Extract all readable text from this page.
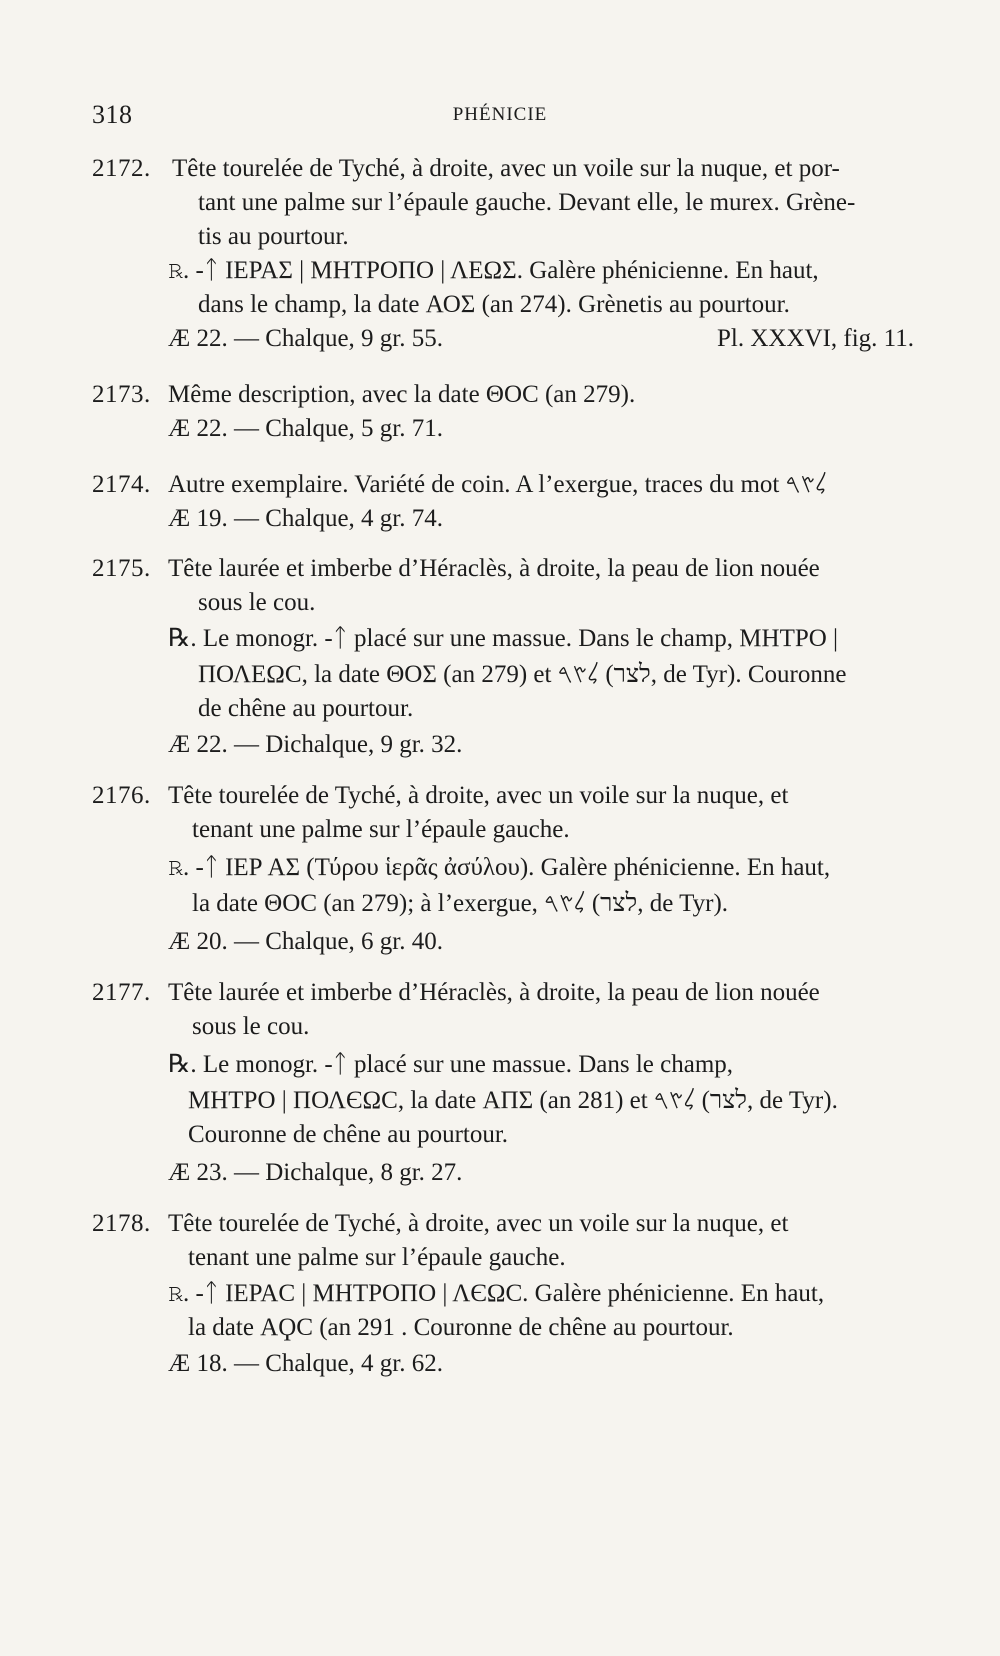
318	PHÉNICIE
2172. Tête tourelée de Tyché, à droite, avec un voile sur la nuque, et por-
tant une palme sur l’épaule gauche. Devant elle, le murex. Grène-
tis au pourtour.
℞. -ᛏ ΙΕΡΑΣ | ΜΗΤΡΟΠΟ | ΛΕΩΣ. Galère phénicienne. En haut,
dans le champ, la date ΑΟΣ (an 274). Grènetis au pourtour.
Æ 22. — Chalque, 9 gr. 55.	Pl. XXXVI, fig. 11.
2173. Même description, avec la date ΘΟϹ (an 279).
Æ 22. — Chalque, 5 gr. 71.
2174. Autre exemplaire. Variété de coin. A l’exergue, traces du mot 𐤋𐤑𐤓
Æ 19. — Chalque, 4 gr. 74.
2175. Tête laurée et imberbe d’Héraclès, à droite, la peau de lion nouée
sous le cou.
℞. Le monogr. -ᛏ placé sur une massue. Dans le champ, ΜΗΤΡΟ |
ΠΟΛΕΩϹ, la date ΘΟΣ (an 279) et 𐤋𐤑𐤓 (לצר, de Tyr). Couronne
de chêne au pourtour.
Æ 22. — Dichalque, 9 gr. 32.
2176. Tête tourelée de Tyché, à droite, avec un voile sur la nuque, et
tenant une palme sur l’épaule gauche.
℞. -ᛏ ΙΕΡ ΑΣ (Τύρου ἱερᾶς ἀσύλου). Galère phénicienne. En haut,
la date ΘΟϹ (an 279); à l’exergue, 𐤋𐤑𐤓 (לצר, de Tyr).
Æ 20. — Chalque, 6 gr. 40.
2177. Tête laurée et imberbe d’Héraclès, à droite, la peau de lion nouée
sous le cou.
℞. Le monogr. -ᛏ placé sur une massue. Dans le champ,
ΜΗΤΡΟ | ΠΟΛЄΩϹ, la date ΑΠΣ (an 281) et 𐤋𐤑𐤓 (לצר, de Tyr).
Couronne de chêne au pourtour.
Æ 23. — Dichalque, 8 gr. 27.
2178. Tête tourelée de Tyché, à droite, avec un voile sur la nuque, et
tenant une palme sur l’épaule gauche.
℞. -ᛏ ΙΕΡΑϹ | ΜΗΤΡΟΠΟ | ΛЄΩϹ. Galère phénicienne. En haut,
la date ΑϘϹ (an 291 . Couronne de chêne au pourtour.
Æ 18. — Chalque, 4 gr. 62.
